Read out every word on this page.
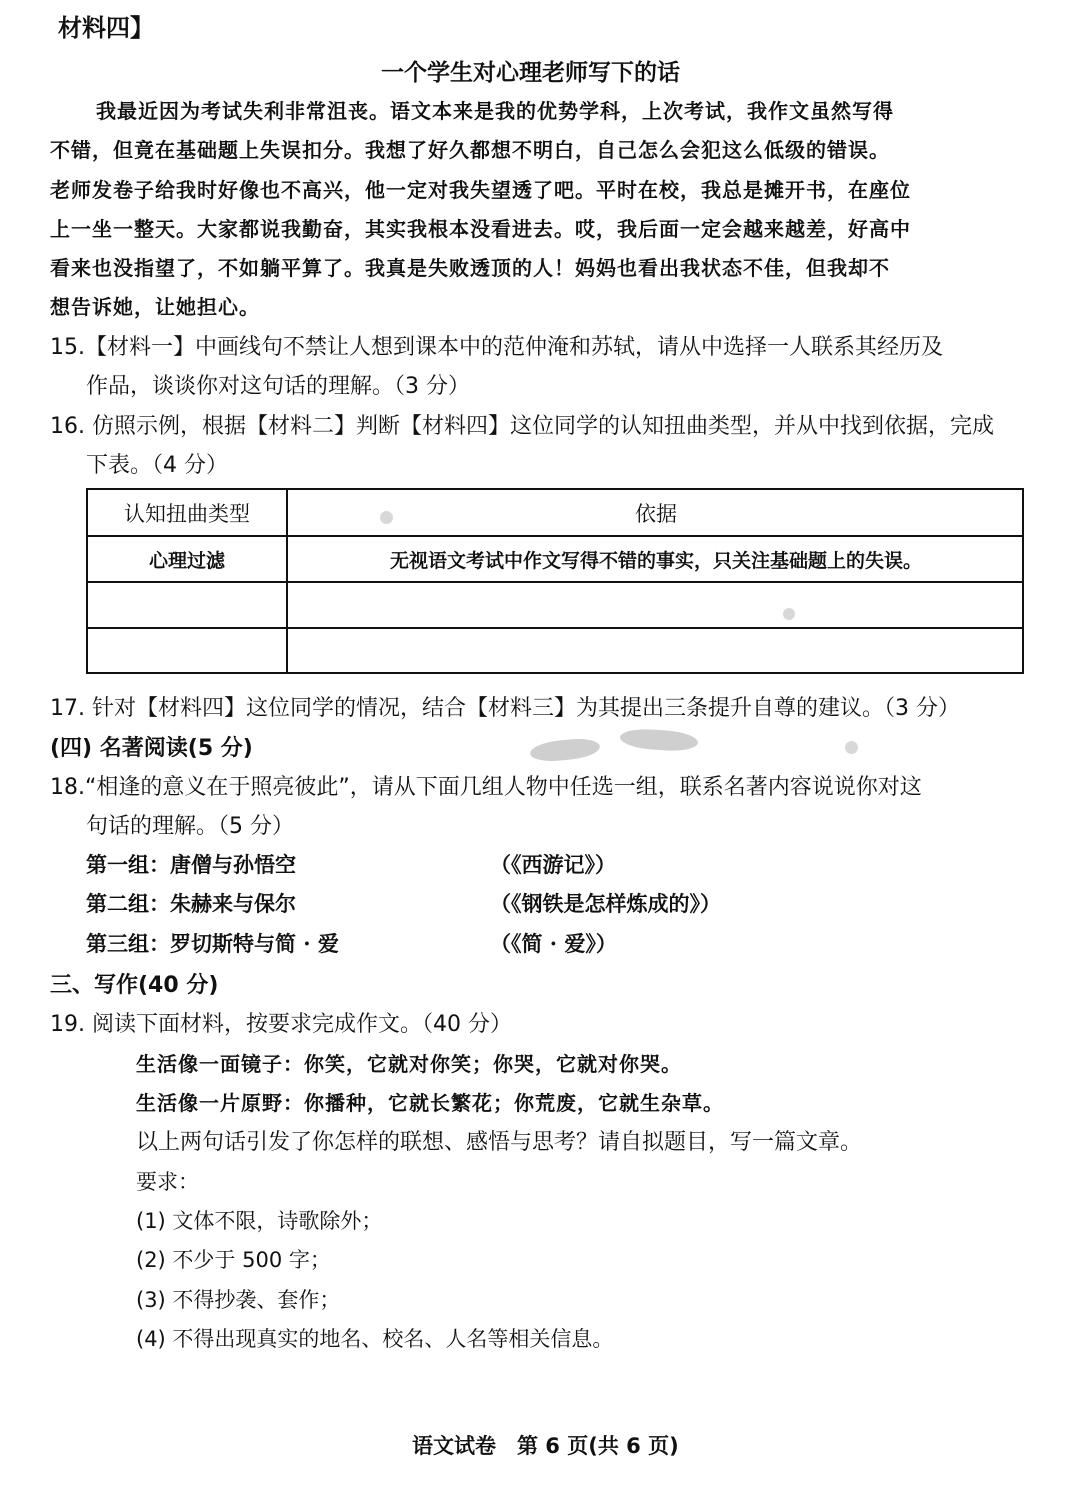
材料四】
一个学生对心理老师写下的话
我最近因为考试失利非常沮丧。语文本来是我的优势学科，上次考试，我作文虽然写得
不错，但竟在基础题上失误扣分。我想了好久都想不明白，自己怎么会犯这么低级的错误。
老师发卷子给我时好像也不高兴，他一定对我失望透了吧。平时在校，我总是摊开书，在座位
上一坐一整天。大家都说我勤奋，其实我根本没看进去。哎，我后面一定会越来越差，好高中
看来也没指望了，不如躺平算了。我真是失败透顶的人！妈妈也看出我状态不佳，但我却不
想告诉她，让她担心。
15.【材料一】中画线句不禁让人想到课本中的范仲淹和苏轼，请从中选择一人联系其经历及
作品，谈谈你对这句话的理解。（3 分）
16. 仿照示例，根据【材料二】判断【材料四】这位同学的认知扭曲类型，并从中找到依据，完成
下表。（4 分）
认知扭曲类型	依据
心理过滤	无视语文考试中作文写得不错的事实，只关注基础题上的失误。
17. 针对【材料四】这位同学的情况，结合【材料三】为其提出三条提升自尊的建议。（3 分）
(四) 名著阅读(5 分)
18.“相逢的意义在于照亮彼此”，请从下面几组人物中任选一组，联系名著内容说说你对这
句话的理解。（5 分）
第一组：唐僧与孙悟空	（《西游记》）
第二组：朱赫来与保尔	（《钢铁是怎样炼成的》）
第三组：罗切斯特与简 · 爱	（《简 · 爱》）
三、写作(40 分)
19. 阅读下面材料，按要求完成作文。（40 分）
生活像一面镜子：你笑，它就对你笑；你哭，它就对你哭。
生活像一片原野：你播种，它就长繁花；你荒废，它就生杂草。
以上两句话引发了你怎样的联想、感悟与思考？请自拟题目，写一篇文章。
要求：
(1) 文体不限，诗歌除外；
(2) 不少于 500 字；
(3) 不得抄袭、套作；
(4) 不得出现真实的地名、校名、人名等相关信息。
语文试卷　第 6 页(共 6 页)
